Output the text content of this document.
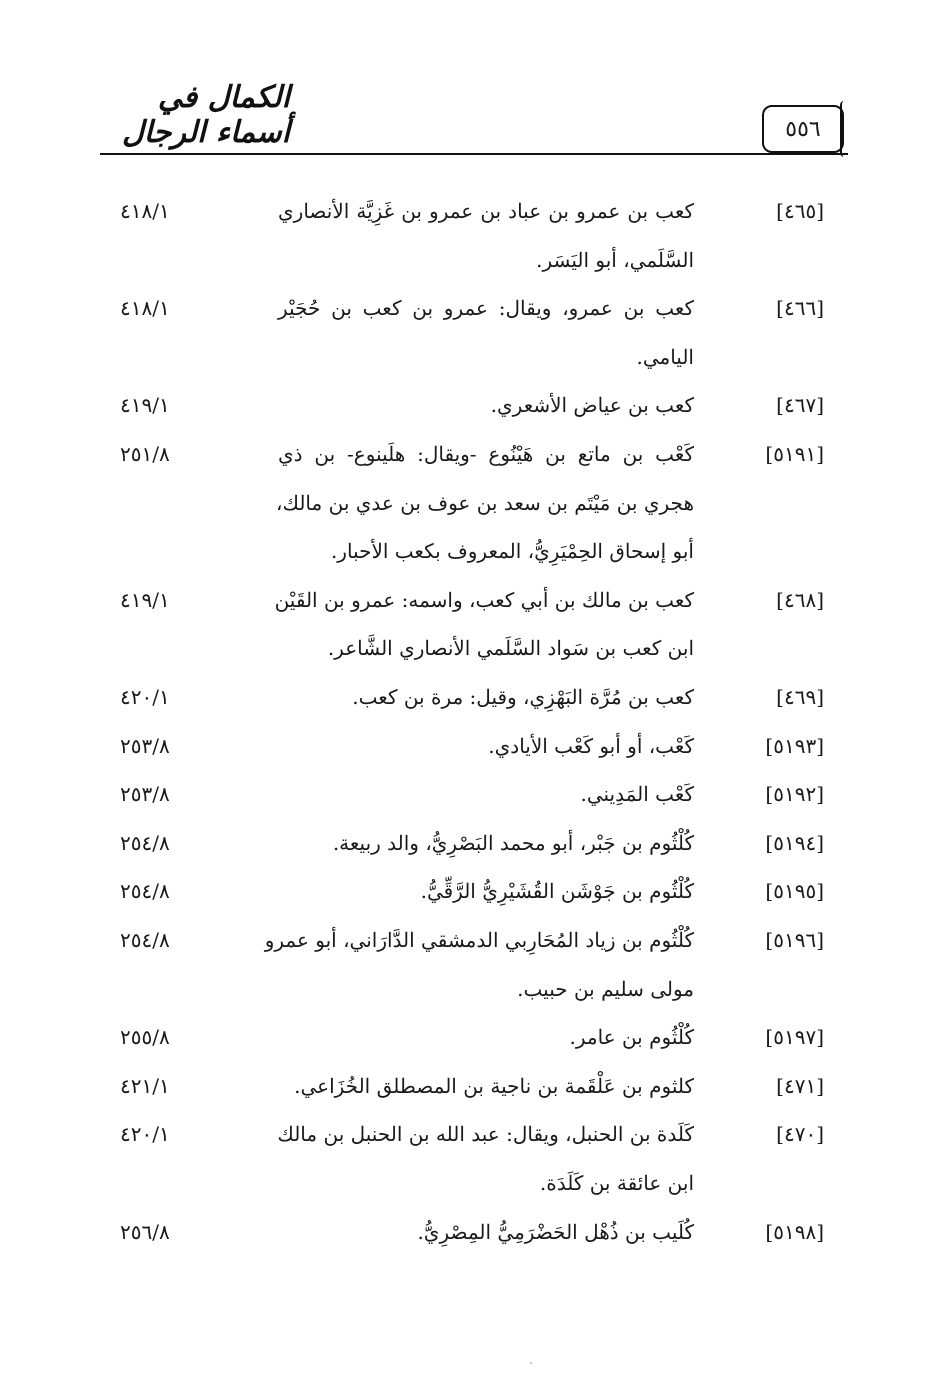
٥٥٦
الكمال في أسماء الرجال
[٤٦٥]
كعب بن عمرو بن عباد بن عمرو بن غَزِيَّة الأنصاري
السَّلَمي، أبو اليَسَر.
٤١٨/١
[٤٦٦]
كعب بن عمرو، ويقال: عمرو بن كعب بن حُجَيْر
اليامي.
٤١٨/١
[٤٦٧]
كعب بن عياض الأشعري.
٤١٩/١
[٥١٩١]
كَعْب بن ماتع بن هَيْنُوع -ويقال: هلَينوع- بن ذي
هجري بن مَيْتَم بن سعد بن عوف بن عدي بن مالك،
أبو إسحاق الحِمْيَرِيُّ، المعروف بكعب الأحبار.
٢٥١/٨
[٤٦٨]
كعب بن مالك بن أبي كعب، واسمه: عمرو بن القَيْن
ابن كعب بن سَواد السَّلَمي الأنصاري الشَّاعر.
٤١٩/١
[٤٦٩]
كعب بن مُرَّة البَهْزِي، وقيل: مرة بن كعب.
٤٢٠/١
[٥١٩٣]
كَعْب، أو أبو كَعْب الأيادي.
٢٥٣/٨
[٥١٩٢]
كَعْب المَدِيني.
٢٥٣/٨
[٥١٩٤]
كُلْثُوم بن جَبْر، أبو محمد البَصْرِيُّ، والد ربيعة.
٢٥٤/٨
[٥١٩٥]
كُلْثُوم بن جَوْشَن القُشَيْرِيُّ الرَّقِّيُّ.
٢٥٤/٨
[٥١٩٦]
كُلْثُوم بن زياد المُحَارِبي الدمشقي الدَّارَاني، أبو عمرو
مولى سليم بن حبيب.
٢٥٤/٨
[٥١٩٧]
كُلْثُوم بن عامر.
٢٥٥/٨
[٤٧١]
كلثوم بن عَلْقَمة بن ناجية بن المصطلق الخُزَاعي.
٤٢١/١
[٤٧٠]
كَلَدة بن الحنبل، ويقال: عبد الله بن الحنبل بن مالك
ابن عائقة بن كَلَدَة.
٤٢٠/١
[٥١٩٨]
كُلَيب بن ذُهْل الحَضْرَمِيُّ المِصْرِيُّ.
٢٥٦/٨
